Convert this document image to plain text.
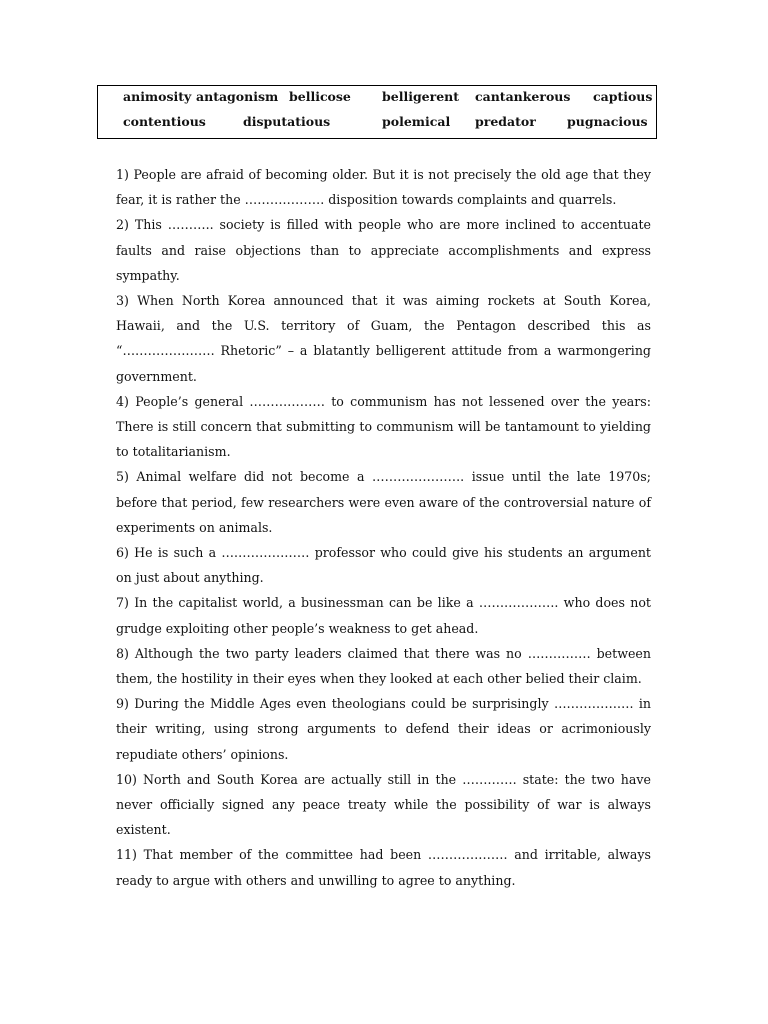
animosity antagonism bellicose belligerent cantankerous captious
contentious	disputatious	polemical predator pugnacious

1) People are afraid of becoming older. But it is not precisely the old age that they fear, it is rather the ………………. disposition towards complaints and quarrels.

2) This ……….. society is filled with people who are more inclined to accentuate faults and raise objections than to appreciate accomplishments and express sympathy.

3) When North Korea announced that it was aiming rockets at South Korea, Hawaii, and the U.S. territory of Guam, the Pentagon described this as “…………………. Rhetoric” – a blatantly belligerent attitude from a warmongering government.

4) People’s general ……………… to communism has not lessened over the years: There is still concern that submitting to communism will be tantamount to yielding to totalitarianism.

5) Animal welfare did not become a …………………. issue until the late 1970s; before that period, few researchers were even aware of the controversial nature of experiments on animals.

6) He is such a ………………… professor who could give his students an argument on just about anything.

7) In the capitalist world, a businessman can be like a ………………. who does not grudge exploiting other people’s weakness to get ahead.

8) Although the two party leaders claimed that there was no …………… between them, the hostility in their eyes when they looked at each other belied their claim.

9) During the Middle Ages even theologians could be surprisingly ………………. in their writing, using strong arguments to defend their ideas or acrimoniously repudiate others’ opinions.

10) North and South Korea are actually still in the …………. state: the two have never officially signed any peace treaty while the possibility of war is always existent.

11) That member of the committee had been ………………. and irritable, always ready to argue with others and unwilling to agree to anything.
